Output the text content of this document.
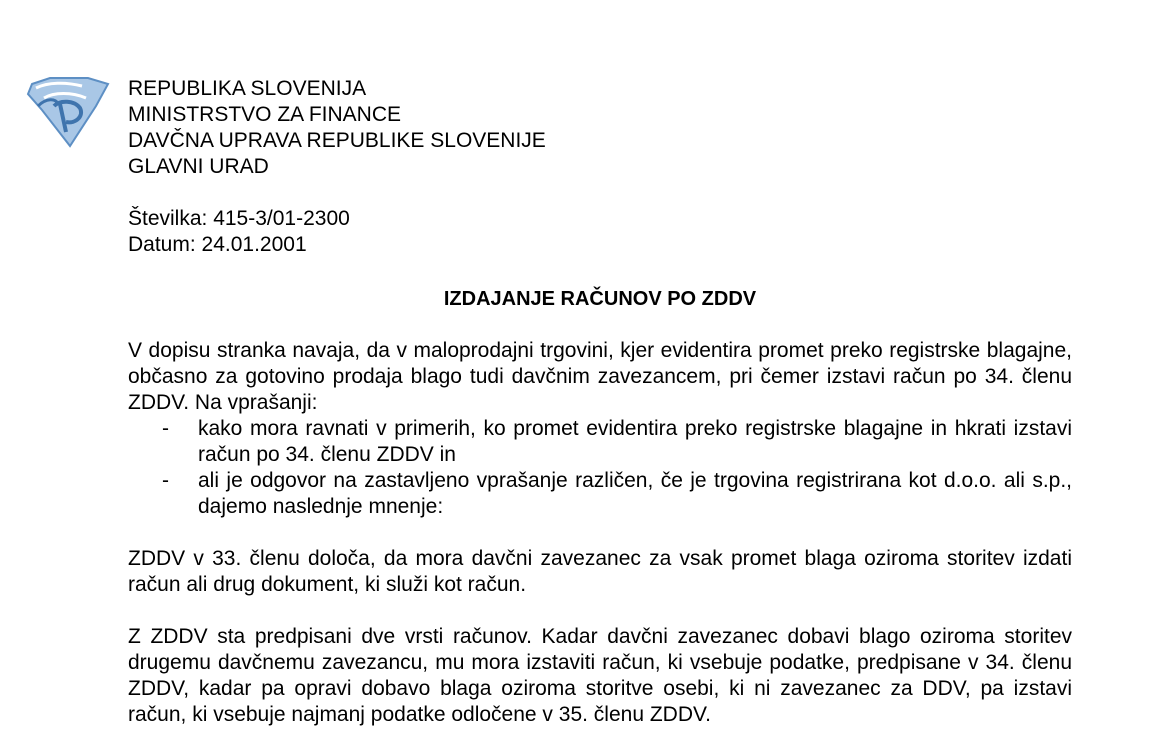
REPUBLIKA SLOVENIJA
MINISTRSTVO ZA FINANCE
DAVČNA UPRAVA REPUBLIKE SLOVENIJE
GLAVNI URAD
Številka: 415-3/01-2300
Datum: 24.01.2001
IZDAJANJE RAČUNOV PO ZDDV

V dopisu stranka navaja, da v maloprodajni trgovini, kjer evidentira promet preko registrske blagajne, občasno za gotovino prodaja blago tudi davčnim zavezancem, pri čemer izstavi račun po 34. členu ZDDV. Na vprašanji:

- kako mora ravnati v primerih, ko promet evidentira preko registrske blagajne in hkrati izstavi račun po 34. členu ZDDV in
- ali je odgovor na zastavljeno vprašanje različen, če je trgovina registrirana kot d.o.o. ali s.p., dajemo naslednje mnenje:

ZDDV v 33. členu določa, da mora davčni zavezanec za vsak promet blaga oziroma storitev izdati račun ali drug dokument, ki služi kot račun.

Z ZDDV sta predpisani dve vrsti računov. Kadar davčni zavezanec dobavi blago oziroma storitev drugemu davčnemu zavezancu, mu mora izstaviti račun, ki vsebuje podatke, predpisane v 34. členu ZDDV, kadar pa opravi dobavo blaga oziroma storitve osebi, ki ni zavezanec za DDV, pa izstavi račun, ki vsebuje najmanj podatke odločene v 35. členu ZDDV.
